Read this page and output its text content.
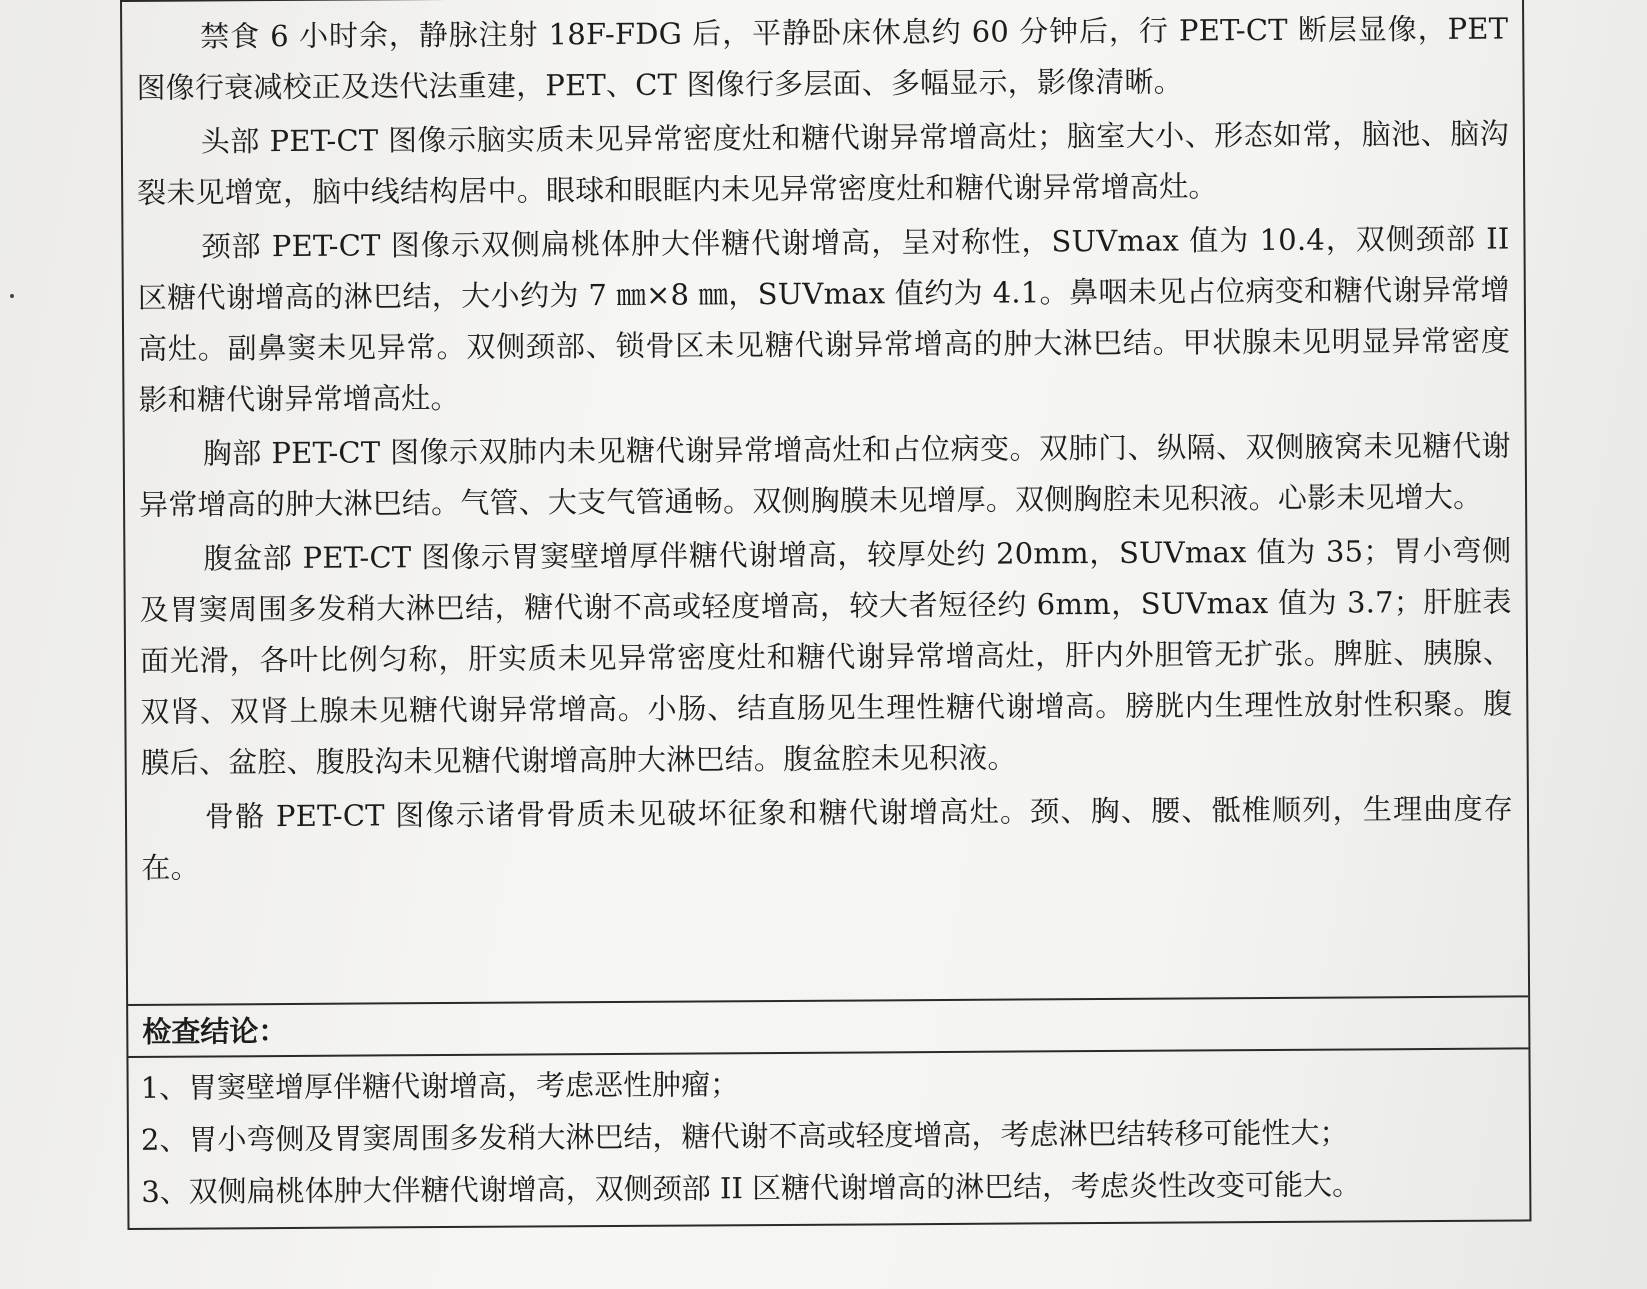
禁食 6 小时余，静脉注射 18F-FDG 后，平静卧床休息约 60 分钟后，行 PET-CT 断层显像，PET 图像行衰减校正及迭代法重建，PET、CT 图像行多层面、多幅显示，影像清晰。

头部 PET-CT 图像示脑实质未见异常密度灶和糖代谢异常增高灶；脑室大小、形态如常，脑池、脑沟裂未见增宽，脑中线结构居中。眼球和眼眶内未见异常密度灶和糖代谢异常增高灶。

颈部 PET-CT 图像示双侧扁桃体肿大伴糖代谢增高，呈对称性，SUVmax 值为 10.4，双侧颈部 II 区糖代谢增高的淋巴结，大小约为 7 ㎜×8 ㎜，SUVmax 值约为 4.1。鼻咽未见占位病变和糖代谢异常增高灶。副鼻窦未见异常。双侧颈部、锁骨区未见糖代谢异常增高的肿大淋巴结。甲状腺未见明显异常密度影和糖代谢异常增高灶。

胸部 PET-CT 图像示双肺内未见糖代谢异常增高灶和占位病变。双肺门、纵隔、双侧腋窝未见糖代谢异常增高的肿大淋巴结。气管、大支气管通畅。双侧胸膜未见增厚。双侧胸腔未见积液。心影未见增大。

腹盆部 PET-CT 图像示胃窦壁增厚伴糖代谢增高，较厚处约 20mm，SUVmax 值为 35；胃小弯侧及胃窦周围多发稍大淋巴结，糖代谢不高或轻度增高，较大者短径约 6mm，SUVmax 值为 3.7；肝脏表面光滑，各叶比例匀称，肝实质未见异常密度灶和糖代谢异常增高灶，肝内外胆管无扩张。脾脏、胰腺、双肾、双肾上腺未见糖代谢异常增高。小肠、结直肠见生理性糖代谢增高。膀胱内生理性放射性积聚。腹膜后、盆腔、腹股沟未见糖代谢增高肿大淋巴结。腹盆腔未见积液。

骨骼 PET-CT 图像示诸骨骨质未见破坏征象和糖代谢增高灶。颈、胸、腰、骶椎顺列，生理曲度存在。

检查结论：
1、胃窦壁增厚伴糖代谢增高，考虑恶性肿瘤；
2、胃小弯侧及胃窦周围多发稍大淋巴结，糖代谢不高或轻度增高，考虑淋巴结转移可能性大；
3、双侧扁桃体肿大伴糖代谢增高，双侧颈部 II 区糖代谢增高的淋巴结，考虑炎性改变可能大。
